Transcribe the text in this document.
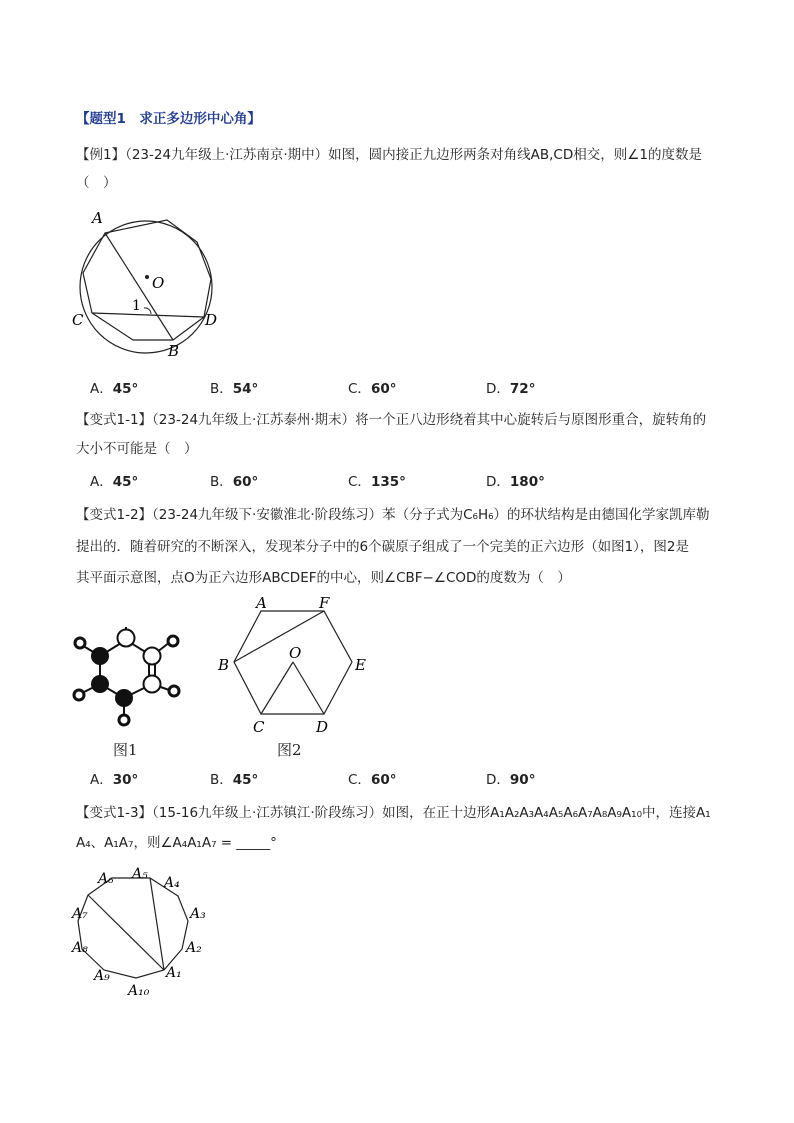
【题型1　求正多边形中心角】
【例1】（23-24九年级上·江苏南京·期中）如图，圆内接正九边形两条对角线AB,CD相交，则∠1的度数是
（　）
A
O
1
C	D
B
A．45°	B．54°	C．60°	D．72°
【变式1-1】（23-24九年级上·江苏泰州·期末）将一个正八边形绕着其中心旋转后与原图形重合，旋转角的
大小不可能是（　）
A．45°	B．60°	C．135°	D．180°
【变式1-2】（23-24九年级下·安徽淮北·阶段练习）苯（分子式为C₆H₆）的环状结构是由德国化学家凯库勒
提出的．随着研究的不断深入，发现苯分子中的6个碳原子组成了一个完美的正六边形（如图1），图2是
其平面示意图，点O为正六边形ABCDEF的中心，则∠CBF−∠COD的度数为（　）
图1
A	F
B
O
E
C	D
图2
A．30°	B．45°	C．60°	D．90°
【变式1-3】（15-16九年级上·江苏镇江·阶段练习）如图，在正十边形A₁A₂A₃A₄A₅A₆A₇A₈A₉A₁₀中，连接A₁
A₄、A₁A₇，则∠A₄A₁A₇ = _____°
A₁
A₂
A₃
A₄
A₅
A₆
A₇
A₈
A₉
A₁₀
